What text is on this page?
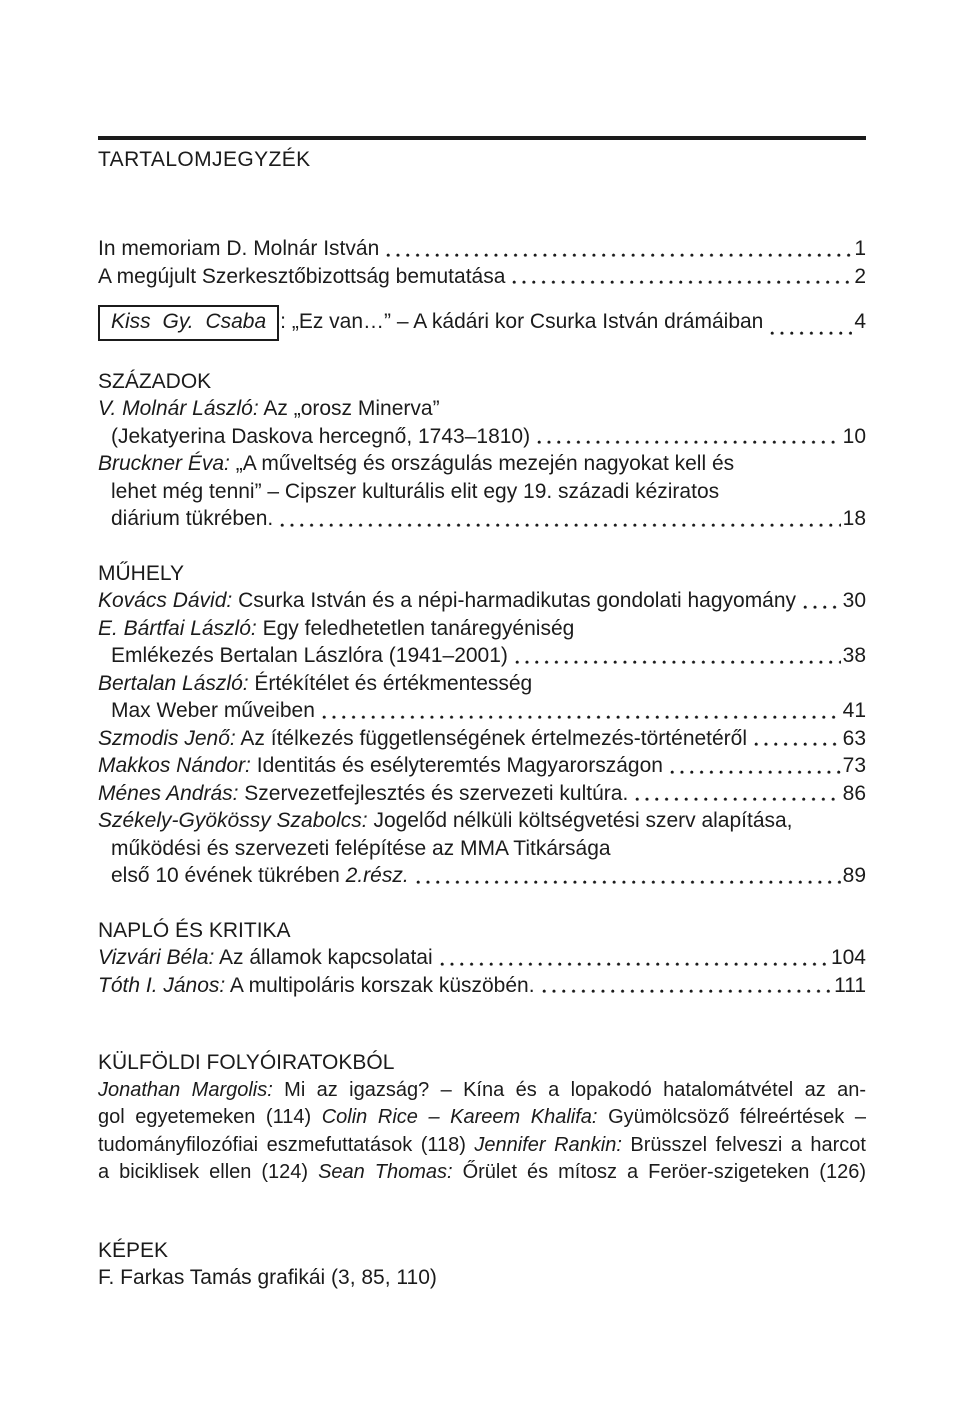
TARTALOMJEGYZÉK
In memoriam D. Molnár István	1
A megújult Szerkesztőbizottság bemutatása	2
Kiss Gy. Csaba : „Ez van…” – A kádári kor Csurka István drámáiban	4
SZÁZADOK
V. Molnár László: Az „orosz Minerva”
(Jekatyerina Daskova hercegnő, 1743–1810)	10
Bruckner Éva: „A műveltség és országulás mezején nagyokat kell és
lehet még tenni” – Cipszer kulturális elit egy 19. századi kéziratos
diárium tükrében.	18
MŰHELY
Kovács Dávid: Csurka István és a népi-harmadikutas gondolati hagyomány 30
E. Bártfai László: Egy feledhetetlen tanáregyéniség
Emlékezés Bertalan Lászlóra (1941–2001)	38
Bertalan László: Értékítélet és értékmentesség
Max Weber műveiben	41
Szmodis Jenő: Az ítélkezés függetlenségének értelmezés-történetéről	63
Makkos Nándor: Identitás és esélyteremtés Magyarországon	73
Ménes András: Szervezetfejlesztés és szervezeti kultúra.	86
Székely-Gyökössy Szabolcs: Jogelőd nélküli költségvetési szerv alapítása,
működési és szervezeti felépítése az MMA Titkársága
első 10 évének tükrében 2.rész.	89
NAPLÓ ÉS KRITIKA
Vizvári Béla: Az államok kapcsolatai	104
Tóth I. János: A multipoláris korszak küszöbén.	111
KÜLFÖLDI FOLYÓIRATOKBÓL
Jonathan Margolis: Mi az igazság? – Kína és a lopakodó hatalomátvétel az an-
gol egyetemeken (114) Colin Rice – Kareem Khalifa: Gyümölcsöző félreértések –
tudományfilozófiai eszmefuttatások (118) Jennifer Rankin: Brüsszel felveszi a harcot
a biciklisek ellen (124) Sean Thomas: Őrület és mítosz a Feröer-szigeteken (126)
KÉPEK
F. Farkas Tamás grafikái (3, 85, 110)
